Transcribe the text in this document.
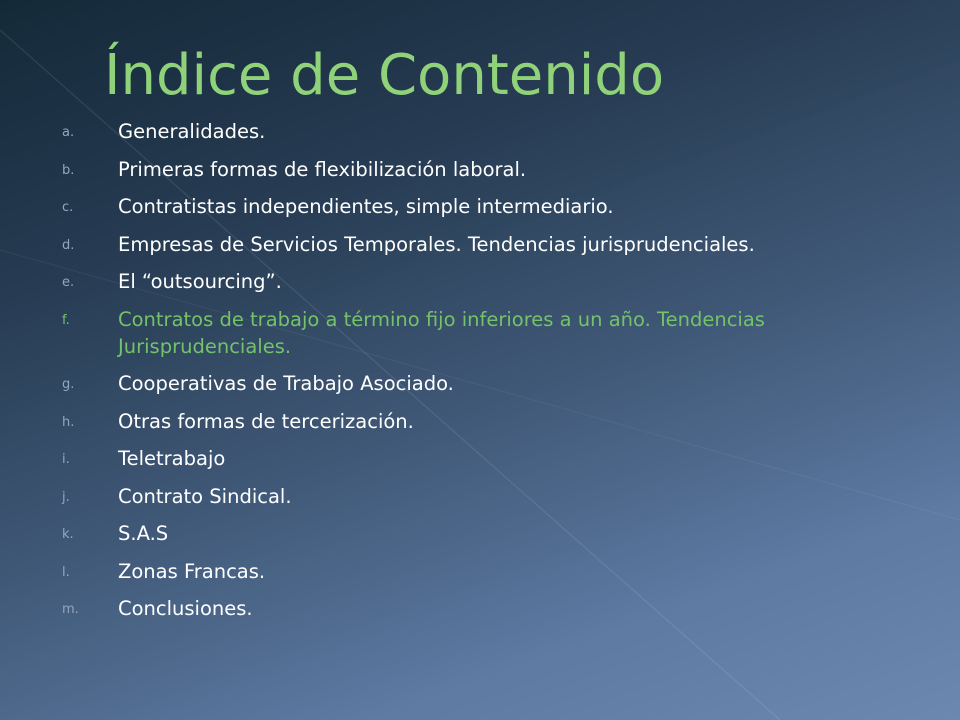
Índice de Contenido
a.	Generalidades.
b.	Primeras formas de flexibilización laboral.
c.	Contratistas independientes, simple intermediario.
d.	Empresas de Servicios Temporales. Tendencias jurisprudenciales.
e.	El “outsourcing”.
f.	Contratos de trabajo a término fijo inferiores a un año. Tendencias Jurisprudenciales.
g.	Cooperativas de Trabajo Asociado.
h.	Otras formas de tercerización.
i.	Teletrabajo
j.	Contrato Sindical.
k.	S.A.S
l.	Zonas Francas.
m.	Conclusiones.
